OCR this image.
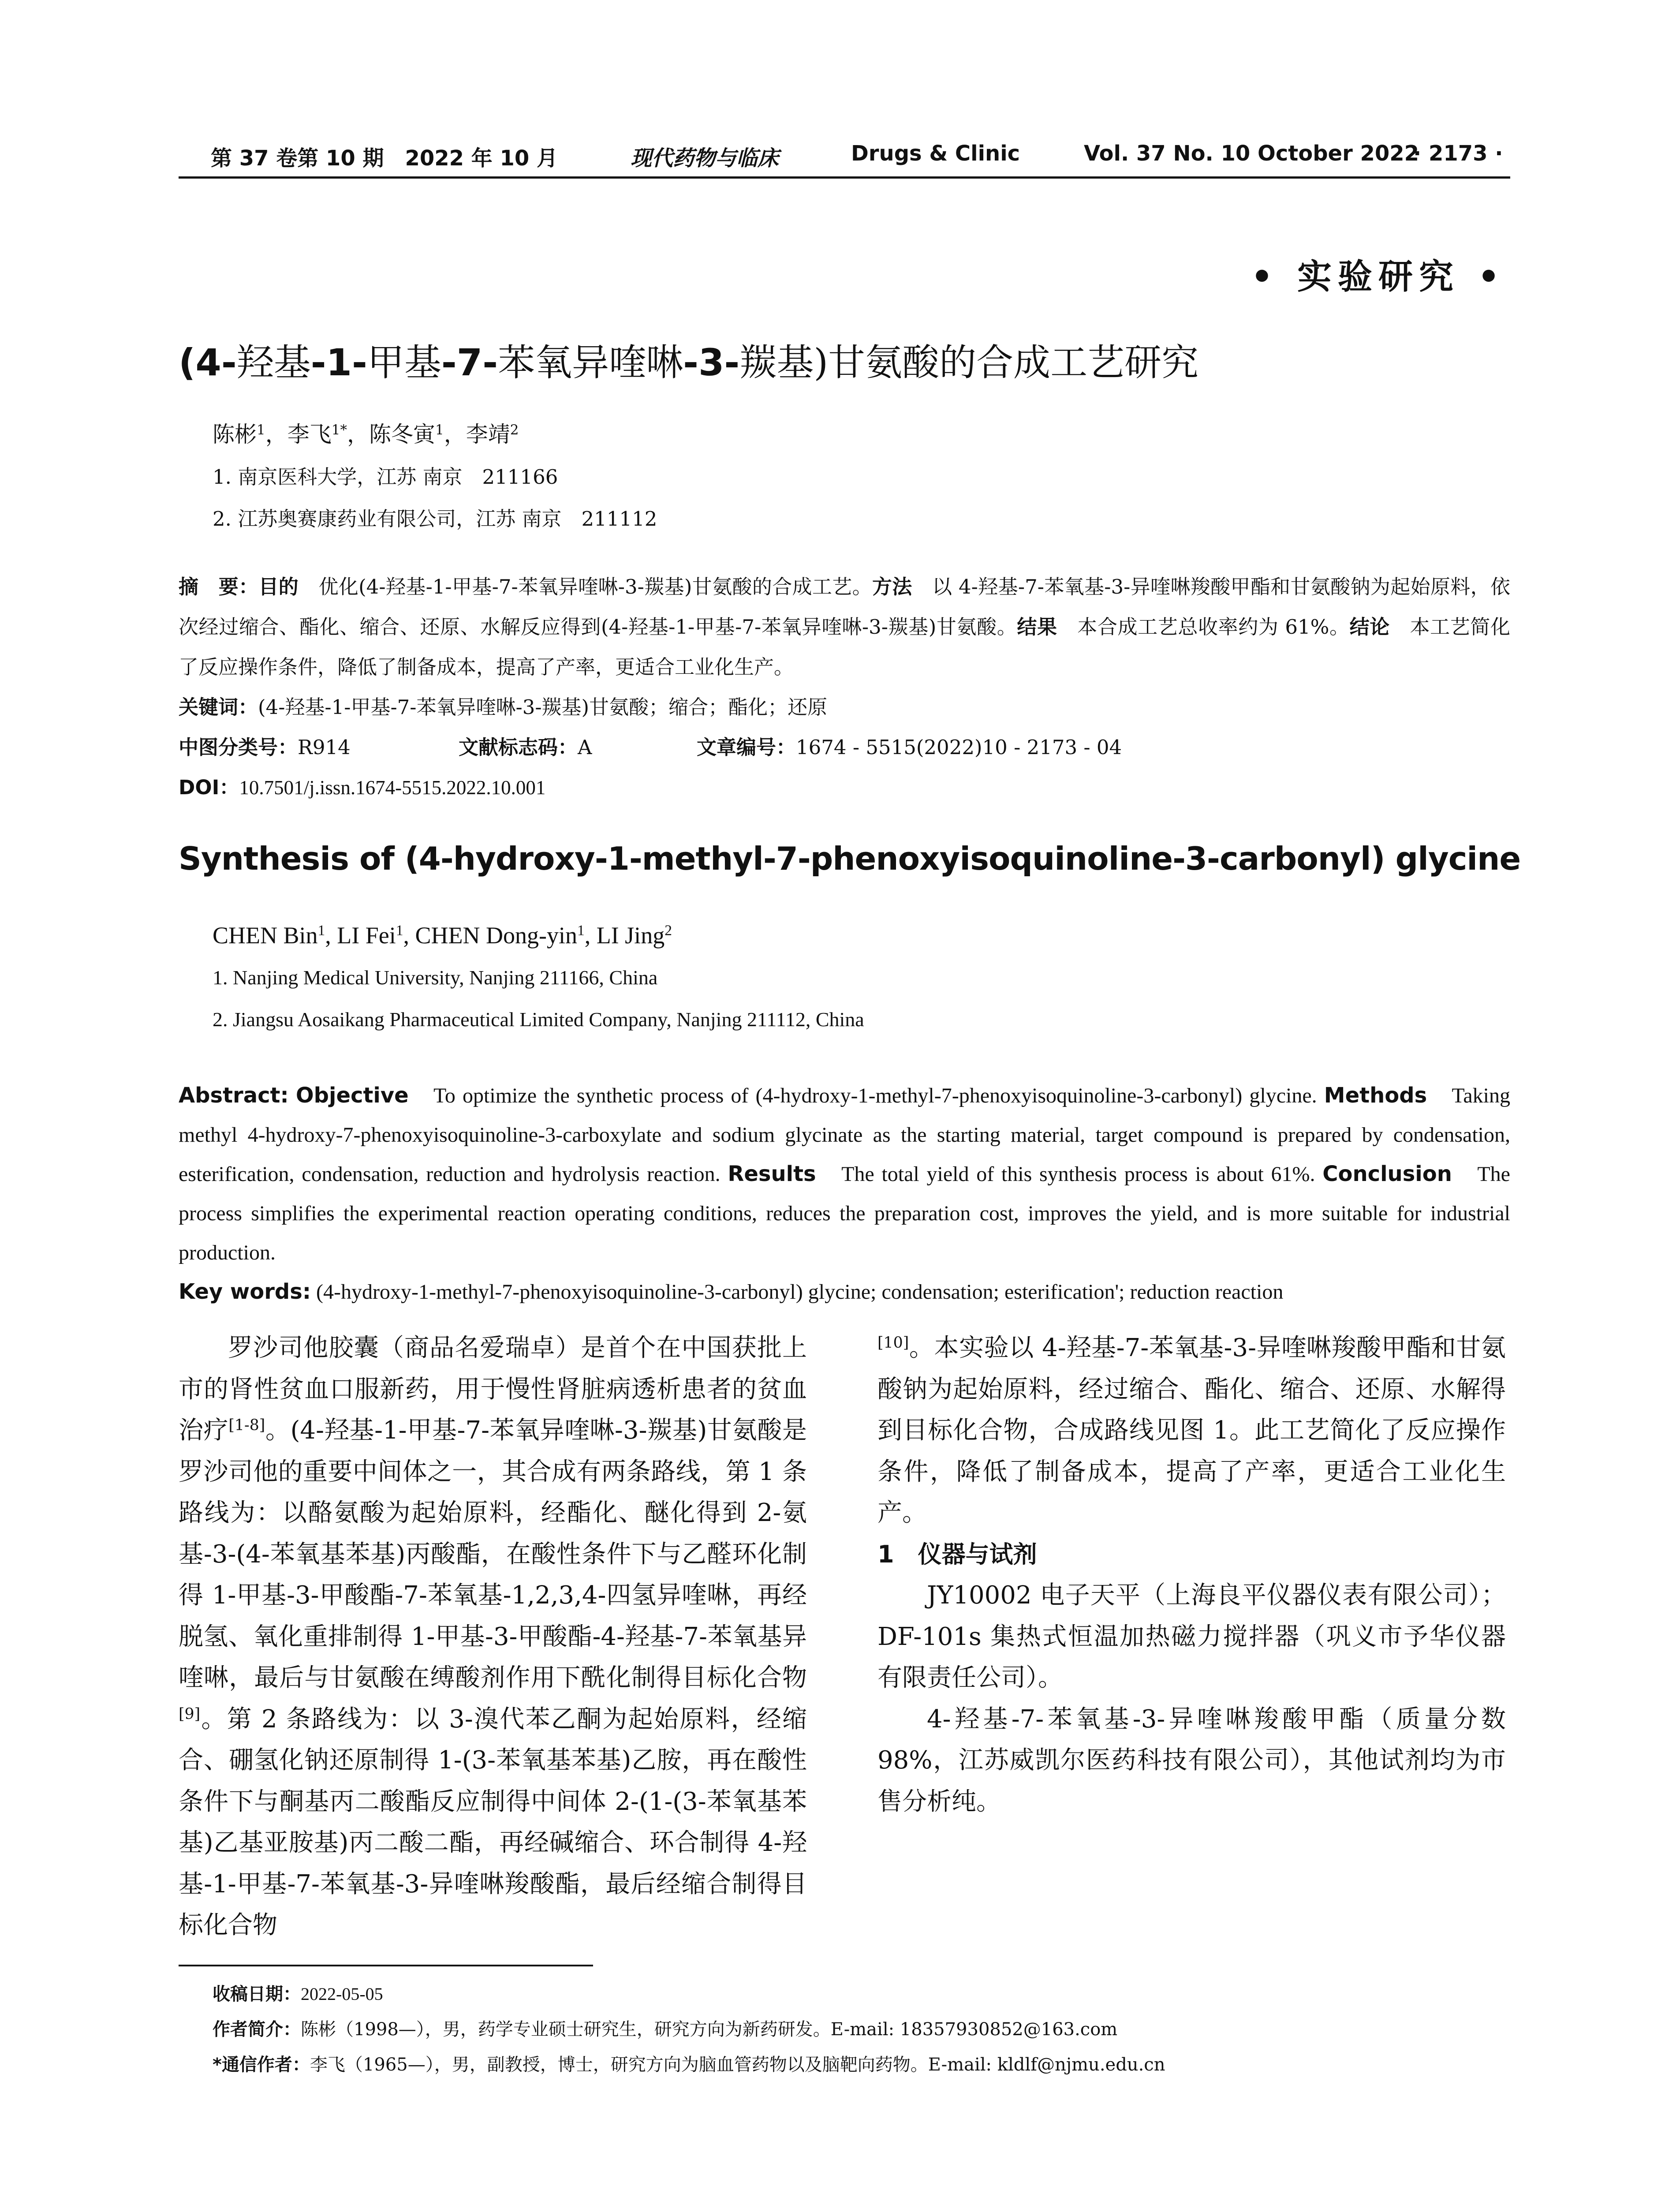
第 37 卷第 10 期　2022 年 10 月	现代药物与临床	Drugs & Clinic	Vol. 37 No. 10 October 2022
· 2173 ·
• 实验研究 •
(4-羟基-1-甲基-7-苯氧异喹啉-3-羰基)甘氨酸的合成工艺研究
陈彬$^1$，李飞$^{1*}$，陈冬寅$^1$，李靖$^2$
1. 南京医科大学，江苏 南京　211166
2. 江苏奥赛康药业有限公司，江苏 南京　211112
摘　要：目的　优化(4-羟基-1-甲基-7-苯氧异喹啉-3-羰基)甘氨酸的合成工艺。方法　以 4-羟基-7-苯氧基-3-异喹啉羧酸甲酯和甘氨酸钠为起始原料，依次经过缩合、酯化、缩合、还原、水解反应得到(4-羟基-1-甲基-7-苯氧异喹啉-3-羰基)甘氨酸。结果　本合成工艺总收率约为 61%。结论　本工艺简化了反应操作条件，降低了制备成本，提高了产率，更适合工业化生产。
关键词：(4-羟基-1-甲基-7-苯氧异喹啉-3-羰基)甘氨酸；缩合；酯化；还原
中图分类号：R914	文献标志码：A	文章编号：1674 - 5515(2022)10 - 2173 - 04
DOI：10.7501/j.issn.1674-5515.2022.10.001
Synthesis of (4-hydroxy-1-methyl-7-phenoxyisoquinoline-3-carbonyl) glycine
CHEN Bin$^1$, LI Fei$^1$, CHEN Dong-yin$^1$, LI Jing$^2$
1. Nanjing Medical University, Nanjing 211166, China
2. Jiangsu Aosaikang Pharmaceutical Limited Company, Nanjing 211112, China
Abstract: Objective　To optimize the synthetic process of (4-hydroxy-1-methyl-7-phenoxyisoquinoline-3-carbonyl) glycine. Methods　Taking methyl 4-hydroxy-7-phenoxyisoquinoline-3-carboxylate and sodium glycinate as the starting material, target compound is prepared by condensation, esterification, condensation, reduction and hydrolysis reaction. Results　The total yield of this synthesis process is about 61%. Conclusion　The process simplifies the experimental reaction operating conditions, reduces the preparation cost, improves the yield, and is more suitable for industrial production.
Key words: (4-hydroxy-1-methyl-7-phenoxyisoquinoline-3-carbonyl) glycine; condensation; esterification'; reduction reaction

罗沙司他胶囊（商品名爱瑞卓）是首个在中国获批上市的肾性贫血口服新药，用于慢性肾脏病透析患者的贫血治疗[1-8]。(4-羟基-1-甲基-7-苯氧异喹啉-3-羰基)甘氨酸是罗沙司他的重要中间体之一，其合成有两条路线，第 1 条路线为：以酪氨酸为起始原料，经酯化、醚化得到 2-氨基-3-(4-苯氧基苯基)丙酸酯，在酸性条件下与乙醛环化制得 1-甲基-3-甲酸酯-7-苯氧基-1,2,3,4-四氢异喹啉，再经脱氢、氧化重排制得 1-甲基-3-甲酸酯-4-羟基-7-苯氧基异喹啉，最后与甘氨酸在缚酸剂作用下酰化制得目标化合物[9]。第 2 条路线为：以 3-溴代苯乙酮为起始原料，经缩合、硼氢化钠还原制得 1-(3-苯氧基苯基)乙胺，再在酸性条件下与酮基丙二酸酯反应制得中间体 2-(1-(3-苯氧基苯基)乙基亚胺基)丙二酸二酯，再经碱缩合、环合制得 4-羟基-1-甲基-7-苯氧基-3-异喹啉羧酸酯，最后经缩合制得目标化合物

[10]。本实验以 4-羟基-7-苯氧基-3-异喹啉羧酸甲酯和甘氨酸钠为起始原料，经过缩合、酯化、缩合、还原、水解得到目标化合物，合成路线见图 1。此工艺简化了反应操作条件，降低了制备成本，提高了产率，更适合工业化生产。

1　仪器与试剂

JY10002 电子天平（上海良平仪器仪表有限公司）；DF-101s 集热式恒温加热磁力搅拌器（巩义市予华仪器有限责任公司）。

4-羟基-7-苯氧基-3-异喹啉羧酸甲酯（质量分数 98%，江苏威凯尔医药科技有限公司），其他试剂均为市售分析纯。

收稿日期：2022-05-05
作者简介：陈彬（1998—），男，药学专业硕士研究生，研究方向为新药研发。E-mail: 18357930852@163.com
*通信作者：李飞（1965—），男，副教授，博士，研究方向为脑血管药物以及脑靶向药物。E-mail: kldlf@njmu.edu.cn
